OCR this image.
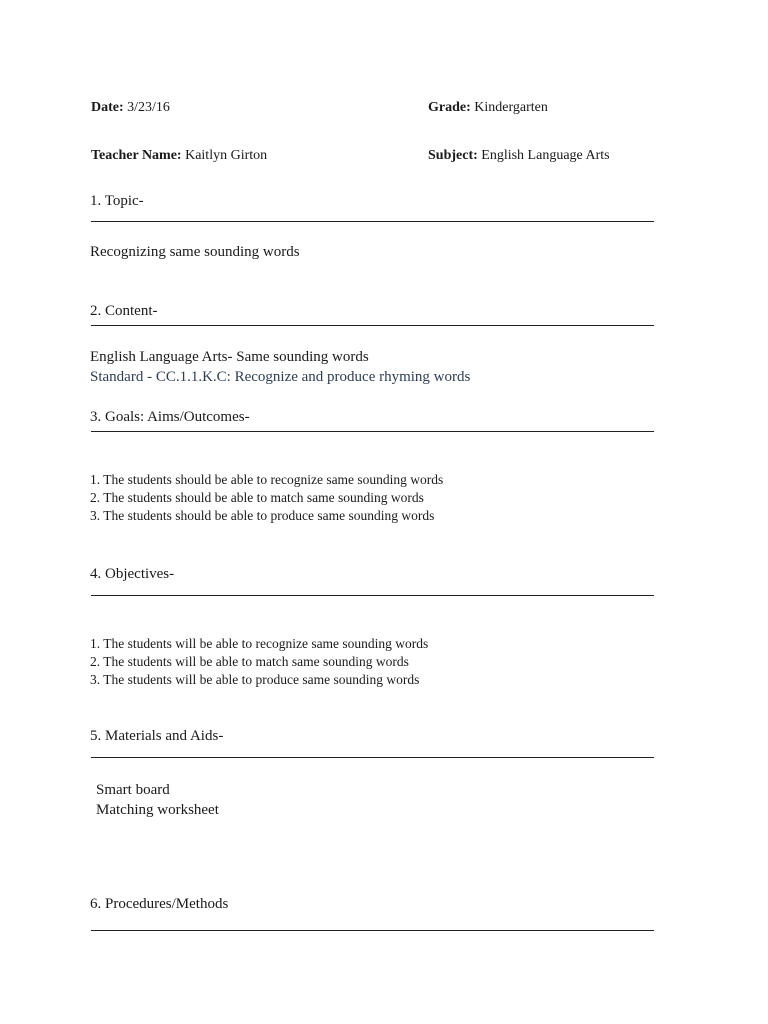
Date: 3/23/16	Grade: Kindergarten
Teacher Name: Kaitlyn Girton	Subject: English Language Arts
1. Topic-
Recognizing same sounding words
2. Content-
English Language Arts- Same sounding words
Standard - CC.1.1.K.C: Recognize and produce rhyming words
3. Goals: Aims/Outcomes-
1. The students should be able to recognize same sounding words
2. The students should be able to match same sounding words
3. The students should be able to produce same sounding words
4. Objectives-
1. The students will be able to recognize same sounding words
2. The students will be able to match same sounding words
3. The students will be able to produce same sounding words
5. Materials and Aids-
Smart board
Matching worksheet
6. Procedures/Methods
